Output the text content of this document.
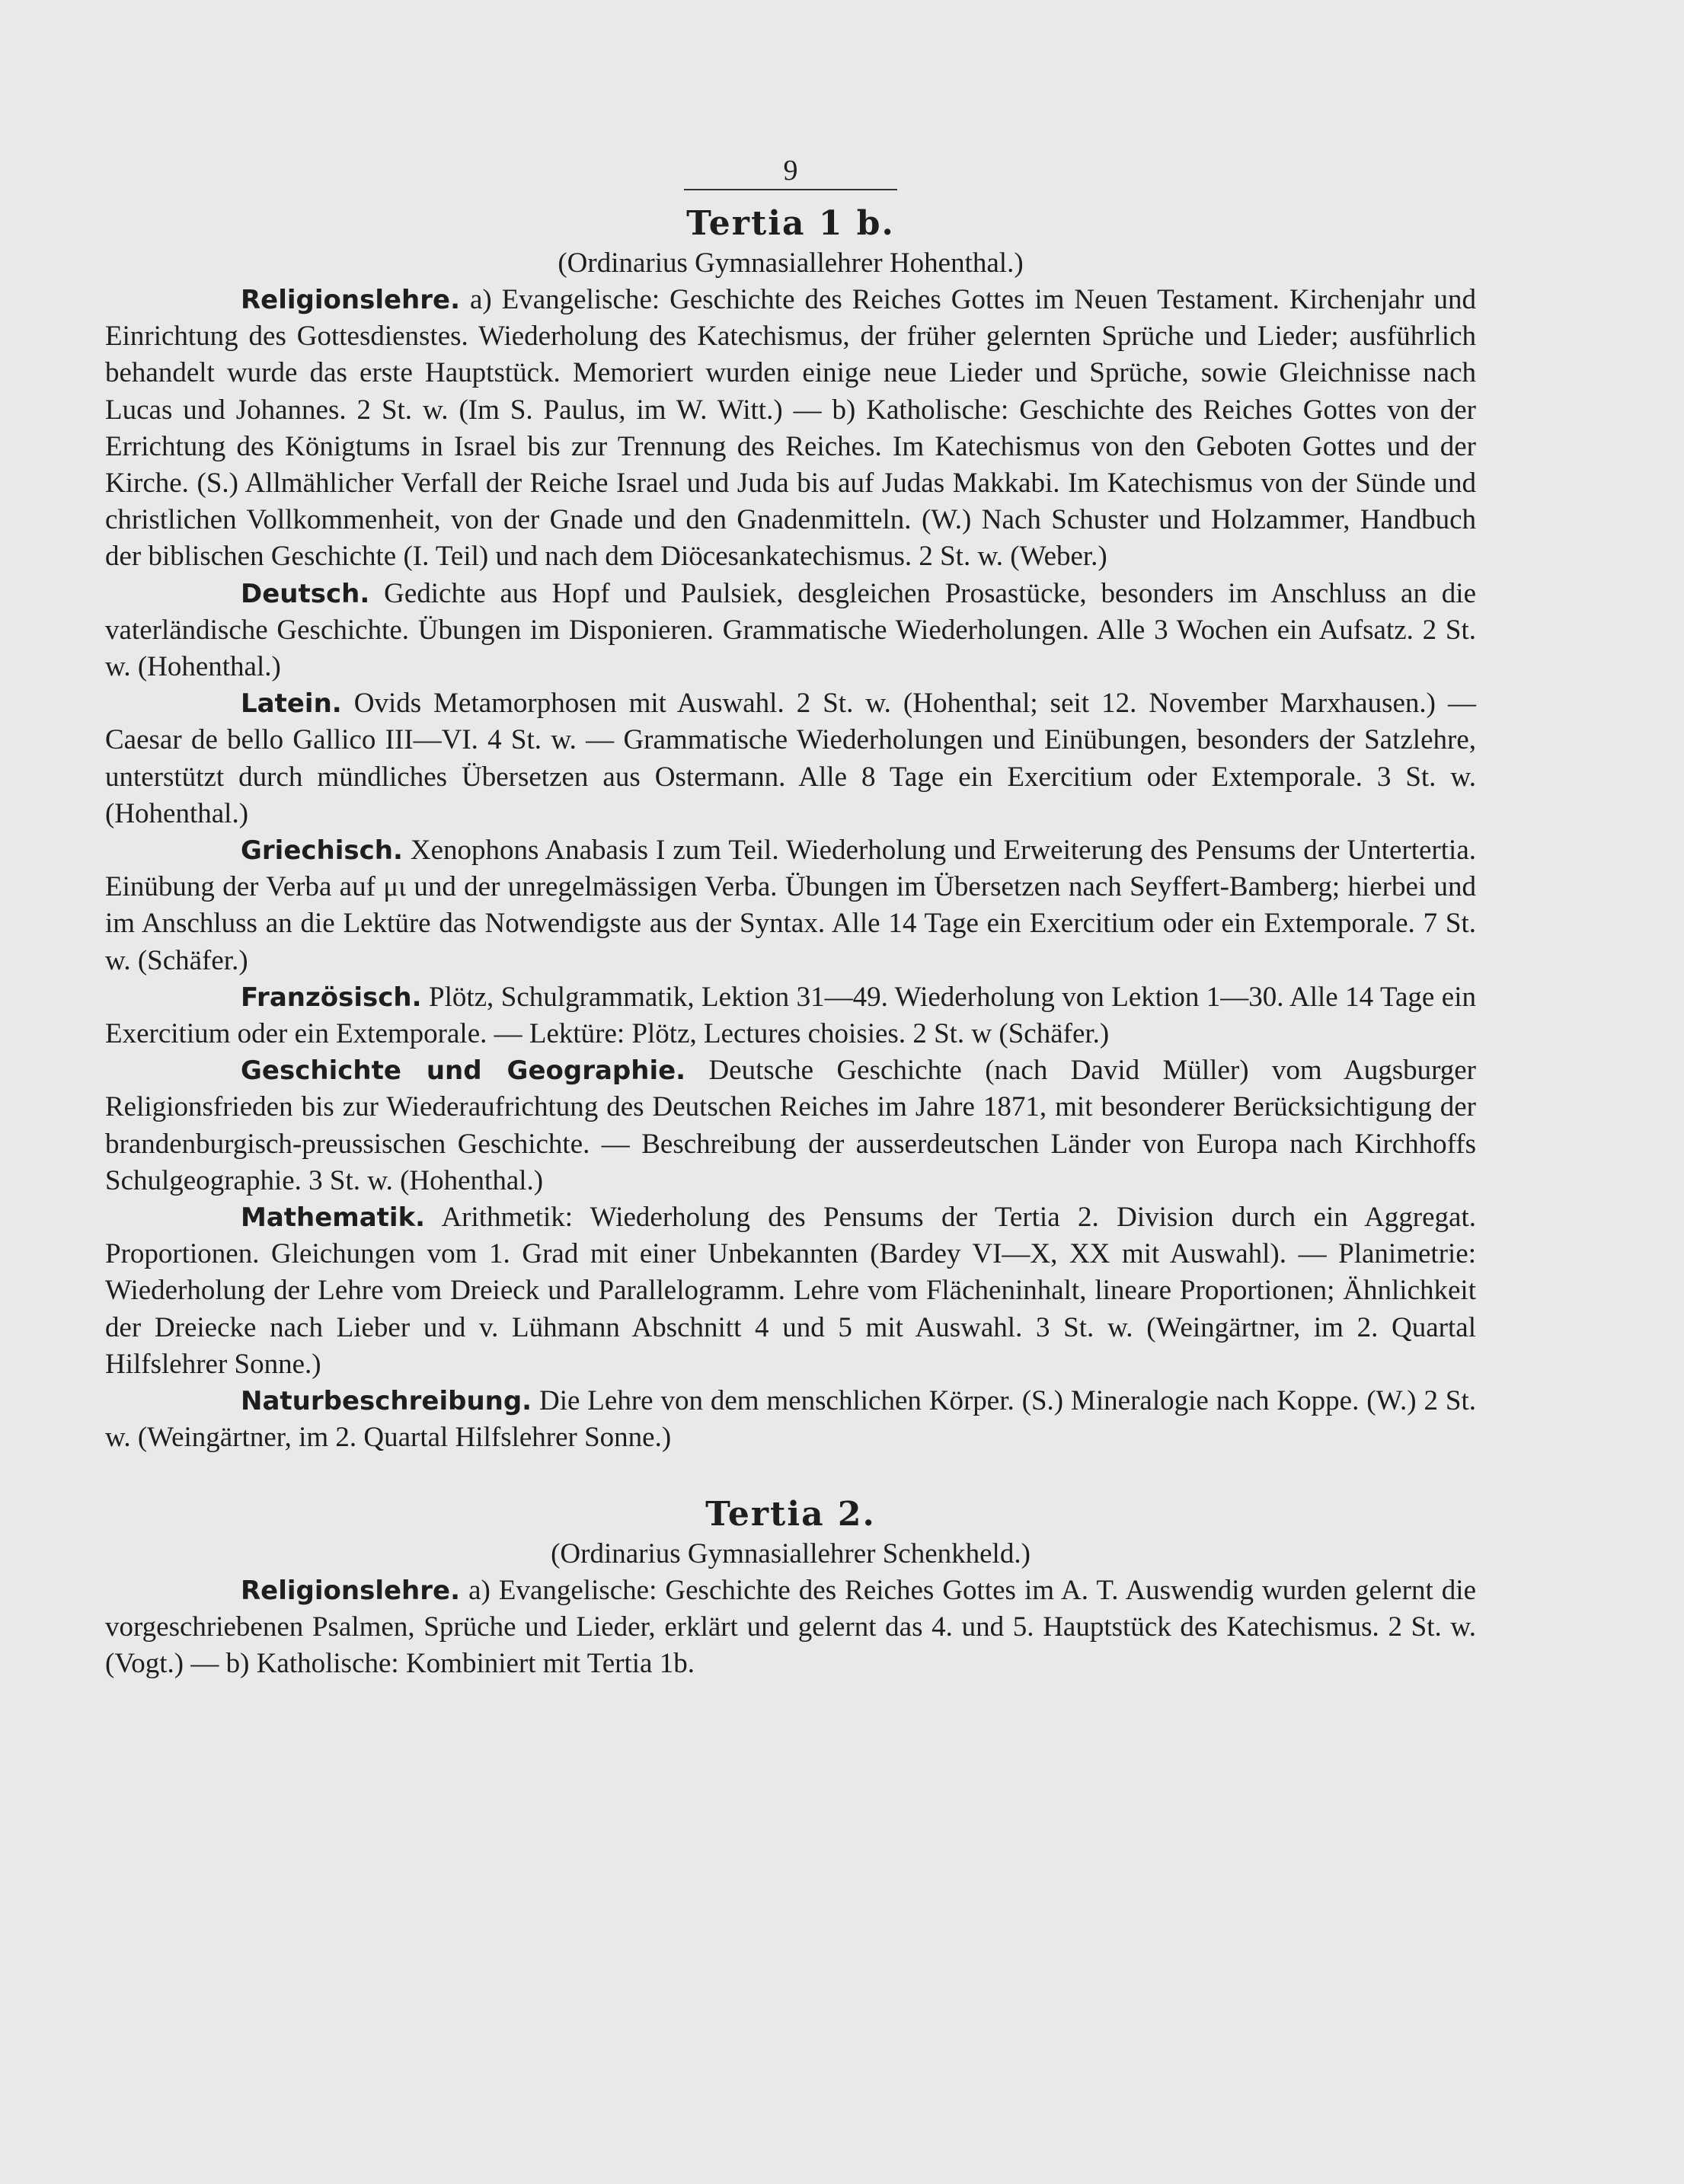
9
Tertia 1 b.
(Ordinarius Gymnasiallehrer Hohenthal.)

Religionslehre. a) Evangelische: Geschichte des Reiches Gottes im Neuen Testament. Kirchenjahr und Einrichtung des Gottesdienstes. Wiederholung des Katechismus, der früher gelernten Sprüche und Lieder; ausführlich behandelt wurde das erste Hauptstück. Memoriert wurden einige neue Lieder und Sprüche, sowie Gleichnisse nach Lucas und Johannes. 2 St. w. (Im S. Paulus, im W. Witt.) — b) Katholische: Geschichte des Reiches Gottes von der Errichtung des Königtums in Israel bis zur Trennung des Reiches. Im Katechismus von den Geboten Gottes und der Kirche. (S.) Allmählicher Verfall der Reiche Israel und Juda bis auf Judas Makkabi. Im Katechismus von der Sünde und christlichen Vollkommenheit, von der Gnade und den Gnadenmitteln. (W.) Nach Schuster und Holzammer, Handbuch der biblischen Geschichte (I. Teil) und nach dem Diöcesankatechismus. 2 St. w. (Weber.)

Deutsch. Gedichte aus Hopf und Paulsiek, desgleichen Prosastücke, besonders im Anschluss an die vaterländische Geschichte. Übungen im Disponieren. Grammatische Wiederholungen. Alle 3 Wochen ein Aufsatz. 2 St. w. (Hohenthal.)

Latein. Ovids Metamorphosen mit Auswahl. 2 St. w. (Hohenthal; seit 12. November Marxhausen.) — Caesar de bello Gallico III—VI. 4 St. w. — Grammatische Wiederholungen und Einübungen, besonders der Satzlehre, unterstützt durch mündliches Übersetzen aus Ostermann. Alle 8 Tage ein Exercitium oder Extemporale. 3 St. w. (Hohenthal.)

Griechisch. Xenophons Anabasis I zum Teil. Wiederholung und Erweiterung des Pensums der Untertertia. Einübung der Verba auf μι und der unregelmässigen Verba. Übungen im Übersetzen nach Seyffert-Bamberg; hierbei und im Anschluss an die Lektüre das Notwendigste aus der Syntax. Alle 14 Tage ein Exercitium oder ein Extemporale. 7 St. w. (Schäfer.)

Französisch. Plötz, Schulgrammatik, Lektion 31—49. Wiederholung von Lektion 1—30. Alle 14 Tage ein Exercitium oder ein Extemporale. — Lektüre: Plötz, Lectures choisies. 2 St. w (Schäfer.)

Geschichte und Geographie. Deutsche Geschichte (nach David Müller) vom Augsburger Religionsfrieden bis zur Wiederaufrichtung des Deutschen Reiches im Jahre 1871, mit besonderer Berücksichtigung der brandenburgisch-preussischen Geschichte. — Beschreibung der ausserdeutschen Länder von Europa nach Kirchhoffs Schulgeographie. 3 St. w. (Hohenthal.)

Mathematik. Arithmetik: Wiederholung des Pensums der Tertia 2. Division durch ein Aggregat. Proportionen. Gleichungen vom 1. Grad mit einer Unbekannten (Bardey VI—X, XX mit Auswahl). — Planimetrie: Wiederholung der Lehre vom Dreieck und Parallelogramm. Lehre vom Flächeninhalt, lineare Proportionen; Ähnlichkeit der Dreiecke nach Lieber und v. Lühmann Abschnitt 4 und 5 mit Auswahl. 3 St. w. (Weingärtner, im 2. Quartal Hilfslehrer Sonne.)

Naturbeschreibung. Die Lehre von dem menschlichen Körper. (S.) Mineralogie nach Koppe. (W.) 2 St. w. (Weingärtner, im 2. Quartal Hilfslehrer Sonne.)

Tertia 2.
(Ordinarius Gymnasiallehrer Schenkheld.)

Religionslehre. a) Evangelische: Geschichte des Reiches Gottes im A. T. Auswendig wurden gelernt die vorgeschriebenen Psalmen, Sprüche und Lieder, erklärt und gelernt das 4. und 5. Hauptstück des Katechismus. 2 St. w. (Vogt.) — b) Katholische: Kombiniert mit Tertia 1b.
